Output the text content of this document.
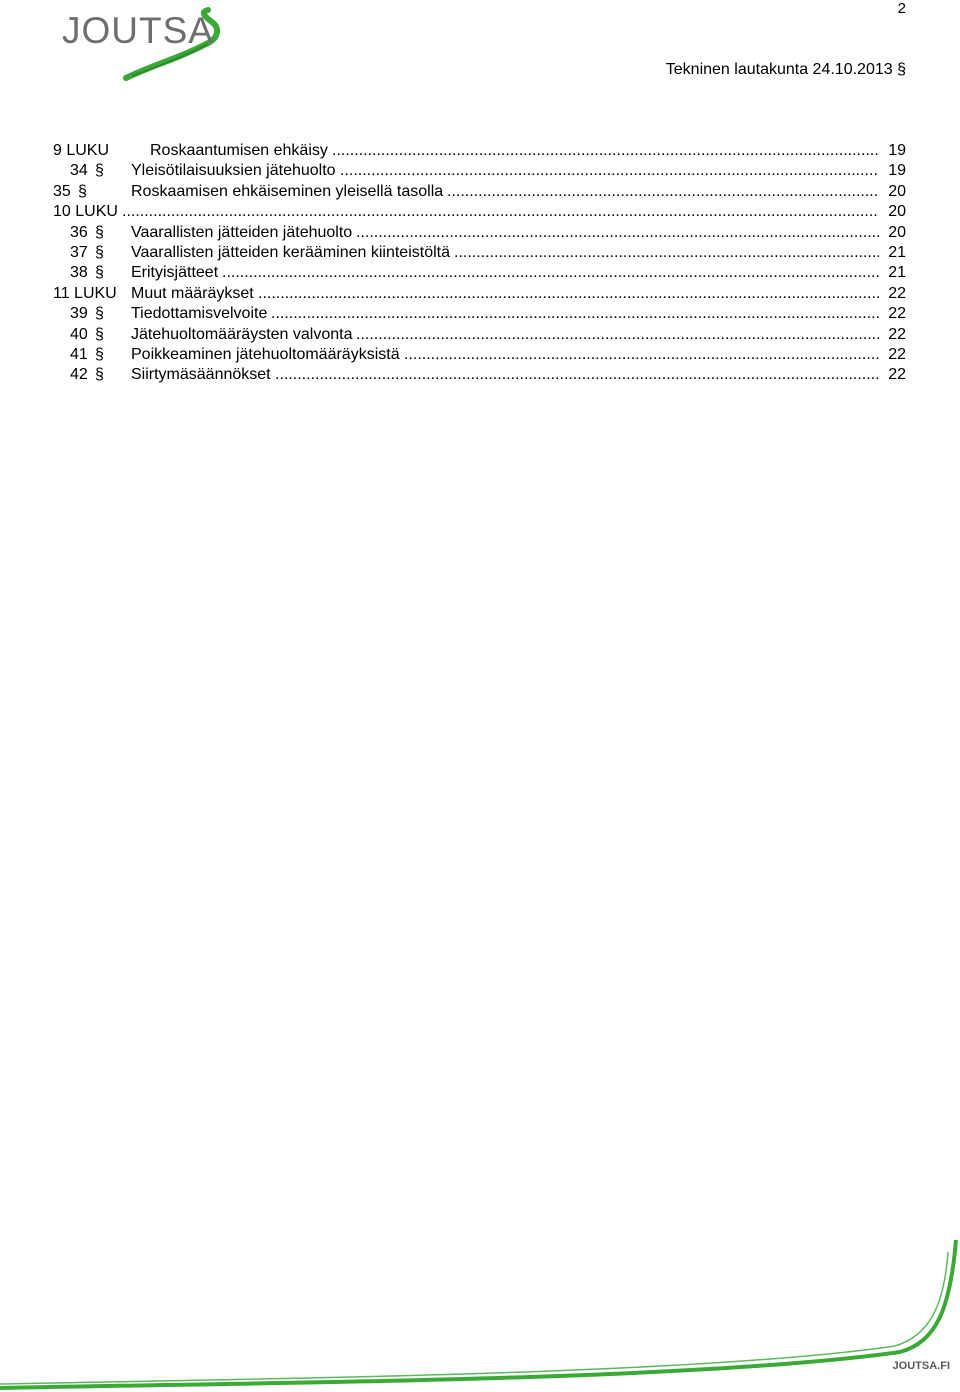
2
JOUTSA
Tekninen lautakunta 24.10.2013 §
9 LUKU	Roskaantumisen ehkäisy .....	19
34 § Yleisötilaisuuksien jätehuolto .....	19
35 §	Roskaamisen ehkäiseminen yleisellä tasolla .....	20
10 LUKU .....	20
36 § Vaarallisten jätteiden jätehuolto .....	20
37 § Vaarallisten jätteiden kerääminen kiinteistöltä .....	21
38 § Erityisjätteet .....	21
11 LUKU Muut määräykset .....	22
39 § Tiedottamisvelvoite .....	22
40 § Jätehuoltomääräysten valvonta .....	22
41 § Poikkeaminen jätehuoltomääräyksistä .....	22
42 § Siirtymäsäännökset .....	22
JOUTSA.FI
